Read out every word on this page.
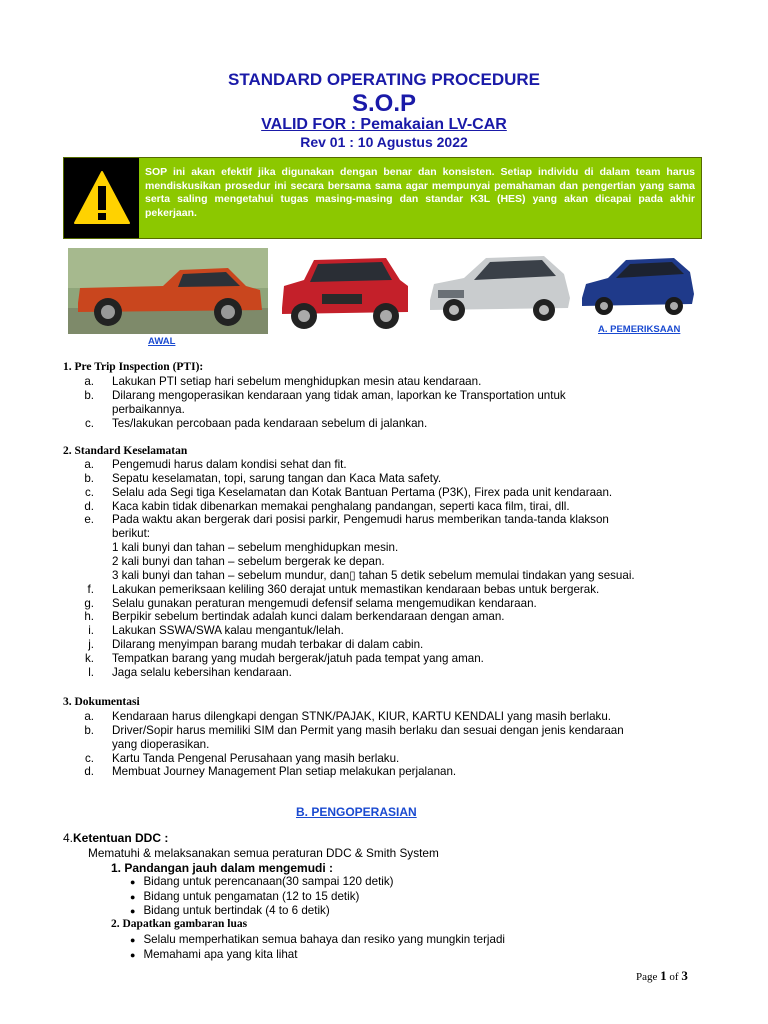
STANDARD OPERATING PROCEDURE
S.O.P
VALID FOR : Pemakaian LV-CAR
Rev 01 : 10 Agustus 2022
SOP ini akan efektif jika digunakan dengan benar dan konsisten. Setiap individu di dalam team harus mendiskusikan prosedur ini secara bersama sama agar mempunyai pemahaman dan pengertian yang sama serta saling mengetahui tugas masing-masing dan standar K3L (HES) yang akan dicapai pada akhir pekerjaan.
AWAL
A. PEMERIKSAAN
1. Pre Trip Inspection (PTI):
a. Lakukan PTI setiap hari sebelum menghidupkan mesin atau kendaraan.
b. Dilarang mengoperasikan kendaraan yang tidak aman, laporkan ke Transportation untuk
perbaikannya.
c. Tes/lakukan percobaan pada kendaraan sebelum di jalankan.
2. Standard Keselamatan
a. Pengemudi harus dalam kondisi sehat dan fit.
b. Sepatu keselamatan, topi, sarung tangan dan Kaca Mata safety.
c. Selalu ada Segi tiga Keselamatan dan Kotak Bantuan Pertama (P3K), Firex pada unit kendaraan.
d. Kaca kabin tidak dibenarkan memakai penghalang pandangan, seperti kaca film, tirai, dll.
e. Pada waktu akan bergerak dari posisi parkir, Pengemudi harus memberikan tanda-tanda klakson
berikut:
1 kali bunyi dan tahan – sebelum menghidupkan mesin.
2 kali bunyi dan tahan – sebelum bergerak ke depan.
3 kali bunyi dan tahan – sebelum mundur, dan▯ tahan 5 detik sebelum memulai tindakan yang sesuai.
f. Lakukan pemeriksaan keliling 360 derajat untuk memastikan kendaraan bebas untuk bergerak.
g. Selalu gunakan peraturan mengemudi defensif selama mengemudikan kendaraan.
h. Berpikir sebelum bertindak adalah kunci dalam berkendaraan dengan aman.
i. Lakukan SSWA/SWA kalau mengantuk/lelah.
j. Dilarang menyimpan barang mudah terbakar di dalam cabin.
k. Tempatkan barang yang mudah bergerak/jatuh pada tempat yang aman.
l. Jaga selalu kebersihan kendaraan.
3. Dokumentasi
a. Kendaraan harus dilengkapi dengan STNK/PAJAK, KIUR, KARTU KENDALI yang masih berlaku.
b. Driver/Sopir harus memiliki SIM dan Permit yang masih berlaku dan sesuai dengan jenis kendaraan
yang dioperasikan.
c. Kartu Tanda Pengenal Perusahaan yang masih berlaku.
d. Membuat Journey Management Plan setiap melakukan perjalanan.
B. PENGOPERASIAN
4.Ketentuan DDC :
Mematuhi & melaksanakan semua peraturan DDC & Smith System
1. Pandangan jauh dalam mengemudi :
● Bidang untuk perencanaan(30 sampai 120 detik)
● Bidang untuk pengamatan (12 to 15 detik)
● Bidang untuk bertindak (4 to 6 detik)
2. Dapatkan gambaran luas
● Selalu memperhatikan semua bahaya dan resiko yang mungkin terjadi
● Memahami apa yang kita lihat
Page 1 of 3
